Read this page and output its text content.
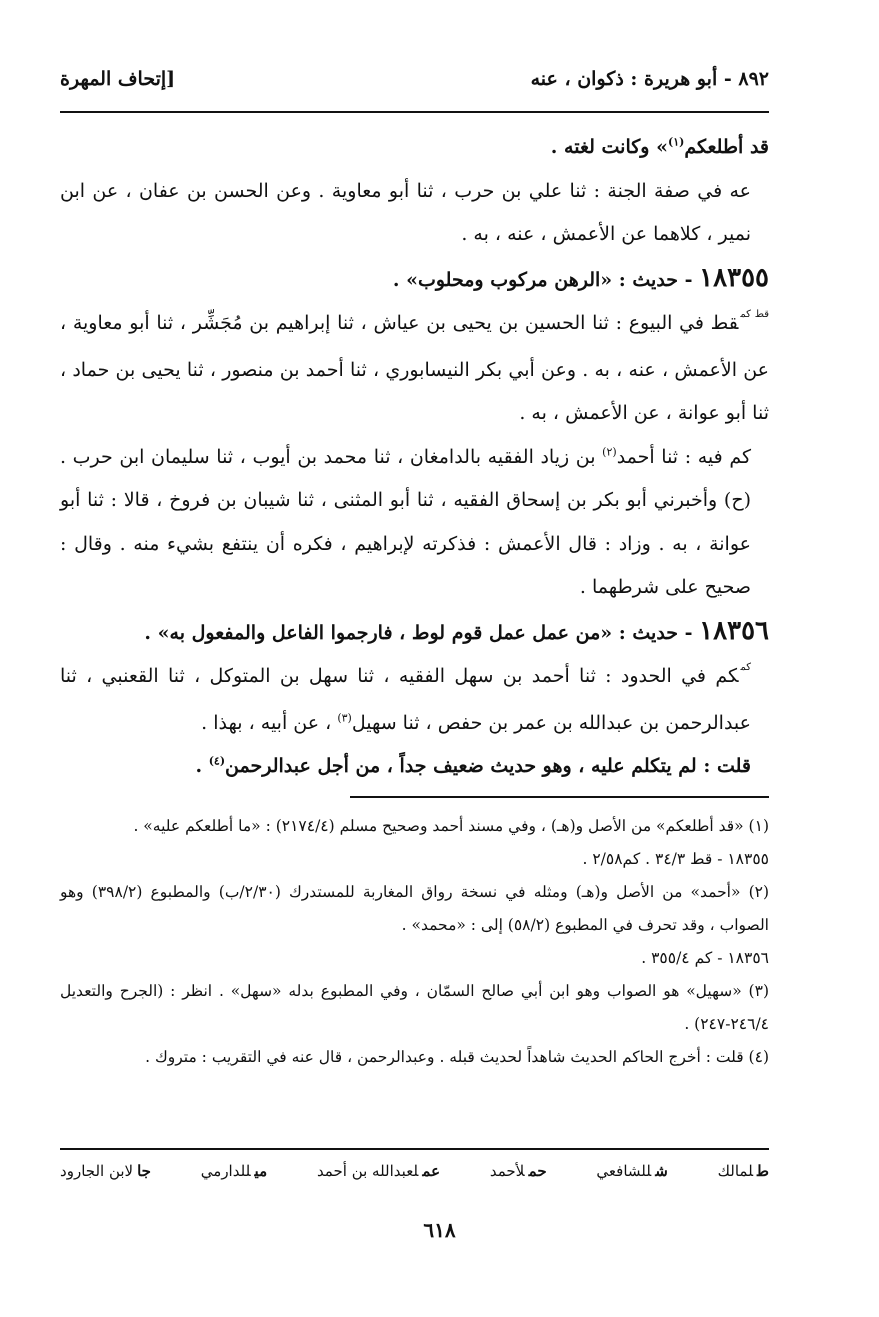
٨٩٢ - أبو هريرة : ذكوان ، عنه
[إتحاف المهرة

قد أطلعكم$^{(١)}$» وكانت لغته .

عه في صفة الجنة : ثنا علي بن حرب ، ثنا أبو معاوية . وعن الحسن بن عفان ، عن ابن نمير ، كلاهما عن الأعمش ، عنه ، به .

١٨٣٥٥ - حديث : «الرهن مركوب ومحلوب» .

$^{قط كم}$قط في البيوع : ثنا الحسين بن يحيى بن عياش ، ثنا إبراهيم بن مُجَشِّر ، ثنا أبو معاوية ، عن الأعمش ، عنه ، به . وعن أبي بكر النيسابوري ، ثنا أحمد بن منصور ، ثنا يحيى بن حماد ، ثنا أبو عوانة ، عن الأعمش ، به .

كم فيه : ثنا أحمد$^{(٢)}$ بن زياد الفقيه بالدامغان ، ثنا محمد بن أيوب ، ثنا سليمان ابن حرب . (ح) وأخبرني أبو بكر بن إسحاق الفقيه ، ثنا أبو المثنى ، ثنا شيبان بن فروخ ، قالا : ثنا أبو عوانة ، به . وزاد : قال الأعمش : فذكرته لإبراهيم ، فكره أن ينتفع بشيء منه . وقال : صحيح على شرطهما .

١٨٣٥٦ - حديث : «من عمل عمل قوم لوط ، فارجموا الفاعل والمفعول به» .

$^{كم}$كم في الحدود : ثنا أحمد بن سهل الفقيه ، ثنا سهل بن المتوكل ، ثنا القعنبي ، ثنا عبدالرحمن بن عبدالله بن عمر بن حفص ، ثنا سهيل$^{(٣)}$ ، عن أبيه ، بهذا .

قلت : لم يتكلم عليه ، وهو حديث ضعيف جداً ، من أجل عبدالرحمن$^{(٤)}$ .

(١) «قد أطلعكم» من الأصل و(هـ) ، وفي مسند أحمد وصحيح مسلم (٢١٧٤/٤) : «ما أطلعكم عليه» .

١٨٣٥٥ - قط ٣٤/٣ . كم٢/٥٨ .

(٢) «أحمد» من الأصل و(هـ) ومثله في نسخة رواق المغاربة للمستدرك (٢/٣٠/ب) والمطبوع (٣٩٨/٢) وهو الصواب ، وقد تحرف في المطبوع (٥٨/٢) إلى : «محمد» .

١٨٣٥٦ - كم ٣٥٥/٤ .

(٣) «سهيل» هو الصواب وهو ابن أبي صالح السمّان ، وفي المطبوع بدله «سهل» . انظر : (الجرح والتعديل ٢٤٦/٤-٢٤٧) .

(٤) قلت : أخرج الحاكم الحديث شاهداً لحديث قبله . وعبدالرحمن ، قال عنه في التقريب : متروك .

طلمالك
شللشافعي
حملأحمد
عملعبدالله بن أحمد
ميللدارمي
جالابن الجارود
٦١٨
